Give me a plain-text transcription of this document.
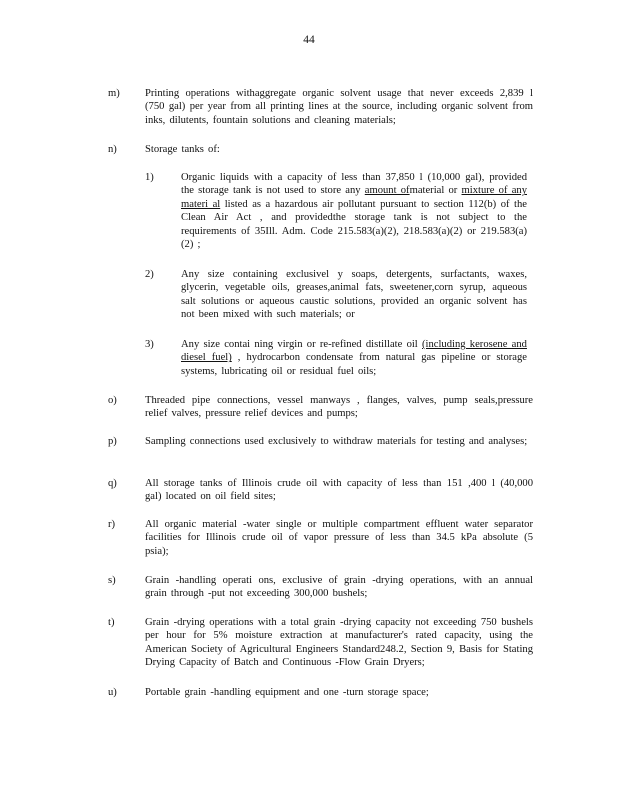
44
m) Printing operations withaggregate organic solvent usage that never exceeds 2,839 l (750 gal) per year from all printing lines at the source, including organic solvent from inks, dilutents, fountain solutions and cleaning materials;
n)	Storage tanks of:
1)	Organic liquids with a capacity of less than 37,850 l (10,000 gal), provided the storage tank is not used to store any amount ofmaterial or mixture of any materi al listed as a hazardous air pollutant pursuant to section 112(b) of the Clean Air Act , and providedthe storage tank is not subject to the requirements of 35Ill. Adm. Code 215.583(a)(2), 218.583(a)(2) or 219.583(a)(2) ;
2)	Any size containing exclusivel y soaps, detergents, surfactants, waxes, glycerin, vegetable oils, greases,animal fats, sweetener,corn syrup, aqueous salt solutions or aqueous caustic solutions, provided an organic solvent has not been mixed with such materials; or
3)	Any size contai ning virgin or re-refined distillate oil (including kerosene and diesel fuel) , hydrocarbon condensate from natural gas pipeline or storage systems, lubricating oil or residual fuel oils;
o)	Threaded pipe connections, vessel manways , flanges, valves, pump seals,pressure relief valves, pressure relief devices and pumps;
p)	Sampling connections used exclusively to withdraw materials for testing and analyses;
q)	All storage tanks of Illinois crude oil with capacity of less than 151 ,400 l (40,000 gal) located on oil field sites;
r)	All organic material -water single or multiple compartment effluent water separator facilities for Illinois crude oil of vapor pressure of less than 34.5 kPa absolute (5 psia);
s)	Grain -handling operati ons, exclusive of grain -drying operations, with an annual grain through -put not exceeding 300,000 bushels;
t)	Grain -drying operations with a total grain -drying capacity not exceeding 750 bushels per hour for 5% moisture extraction at manufacturer's rated capacity, using the American Society of Agricultural Engineers Standard248.2, Section 9, Basis for Stating Drying Capacity of Batch and Continuous -Flow Grain Dryers;
u)	Portable grain -handling equipment and one -turn storage space;
